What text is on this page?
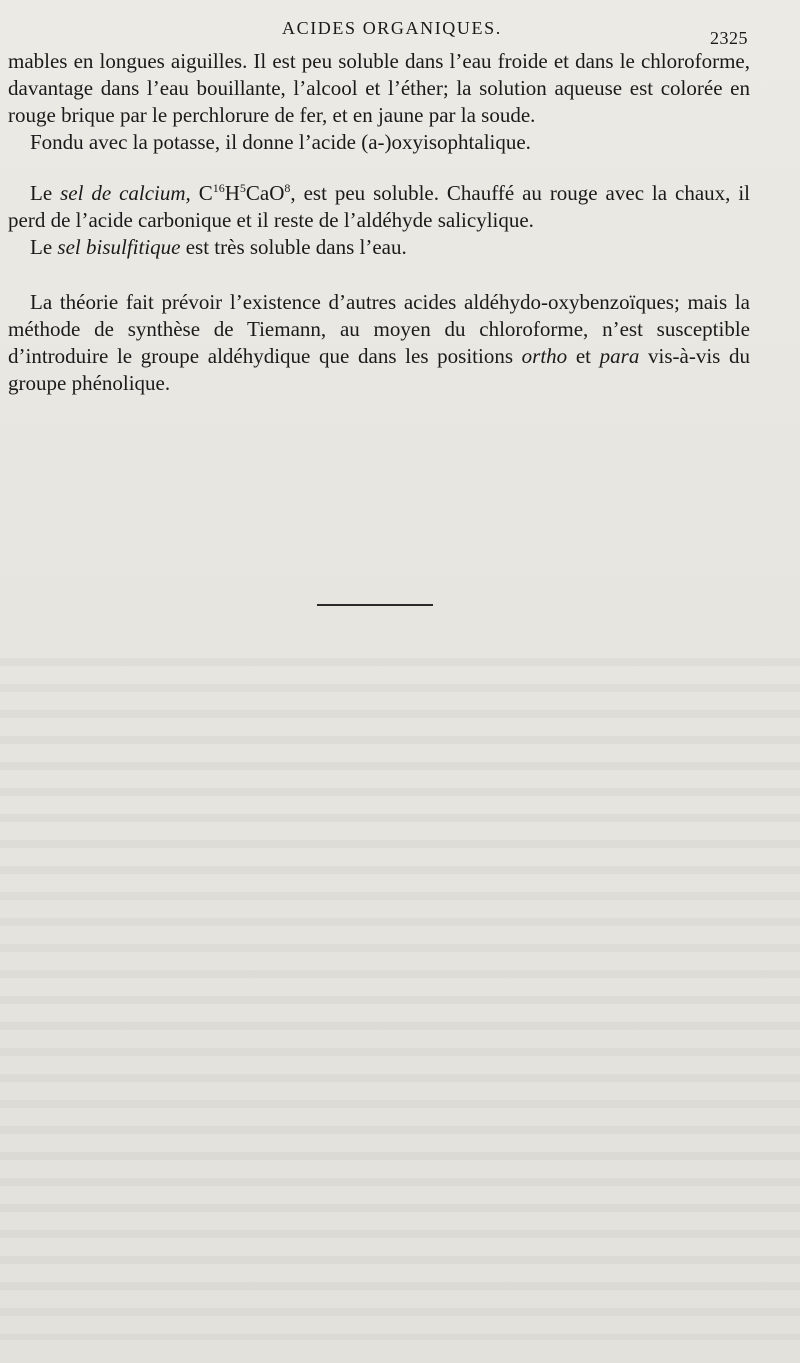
ACIDES ORGANIQUES.	2325

mables en longues aiguilles. Il est peu soluble dans l’eau froide et dans le chloroforme, davantage dans l’eau bouillante, l’alcool et l’éther; la solution aqueuse est colorée en rouge brique par le perchlorure de fer, et en jaune par la soude.

Fondu avec la potasse, il donne l’acide (a-)oxyisophtalique.

Le sel de calcium, $C^{16}H^5CaO^8$, est peu soluble. Chauffé au rouge avec la chaux, il perd de l’acide carbonique et il reste de l’aldéhyde salicylique.

Le sel bisulfitique est très soluble dans l’eau.

La théorie fait prévoir l’existence d’autres acides aldéhydo-oxybenzoïques; mais la méthode de synthèse de Tiemann, au moyen du chloroforme, n’est susceptible d’introduire le groupe aldéhydique que dans les positions ortho et para vis-à-vis du groupe phénolique.
